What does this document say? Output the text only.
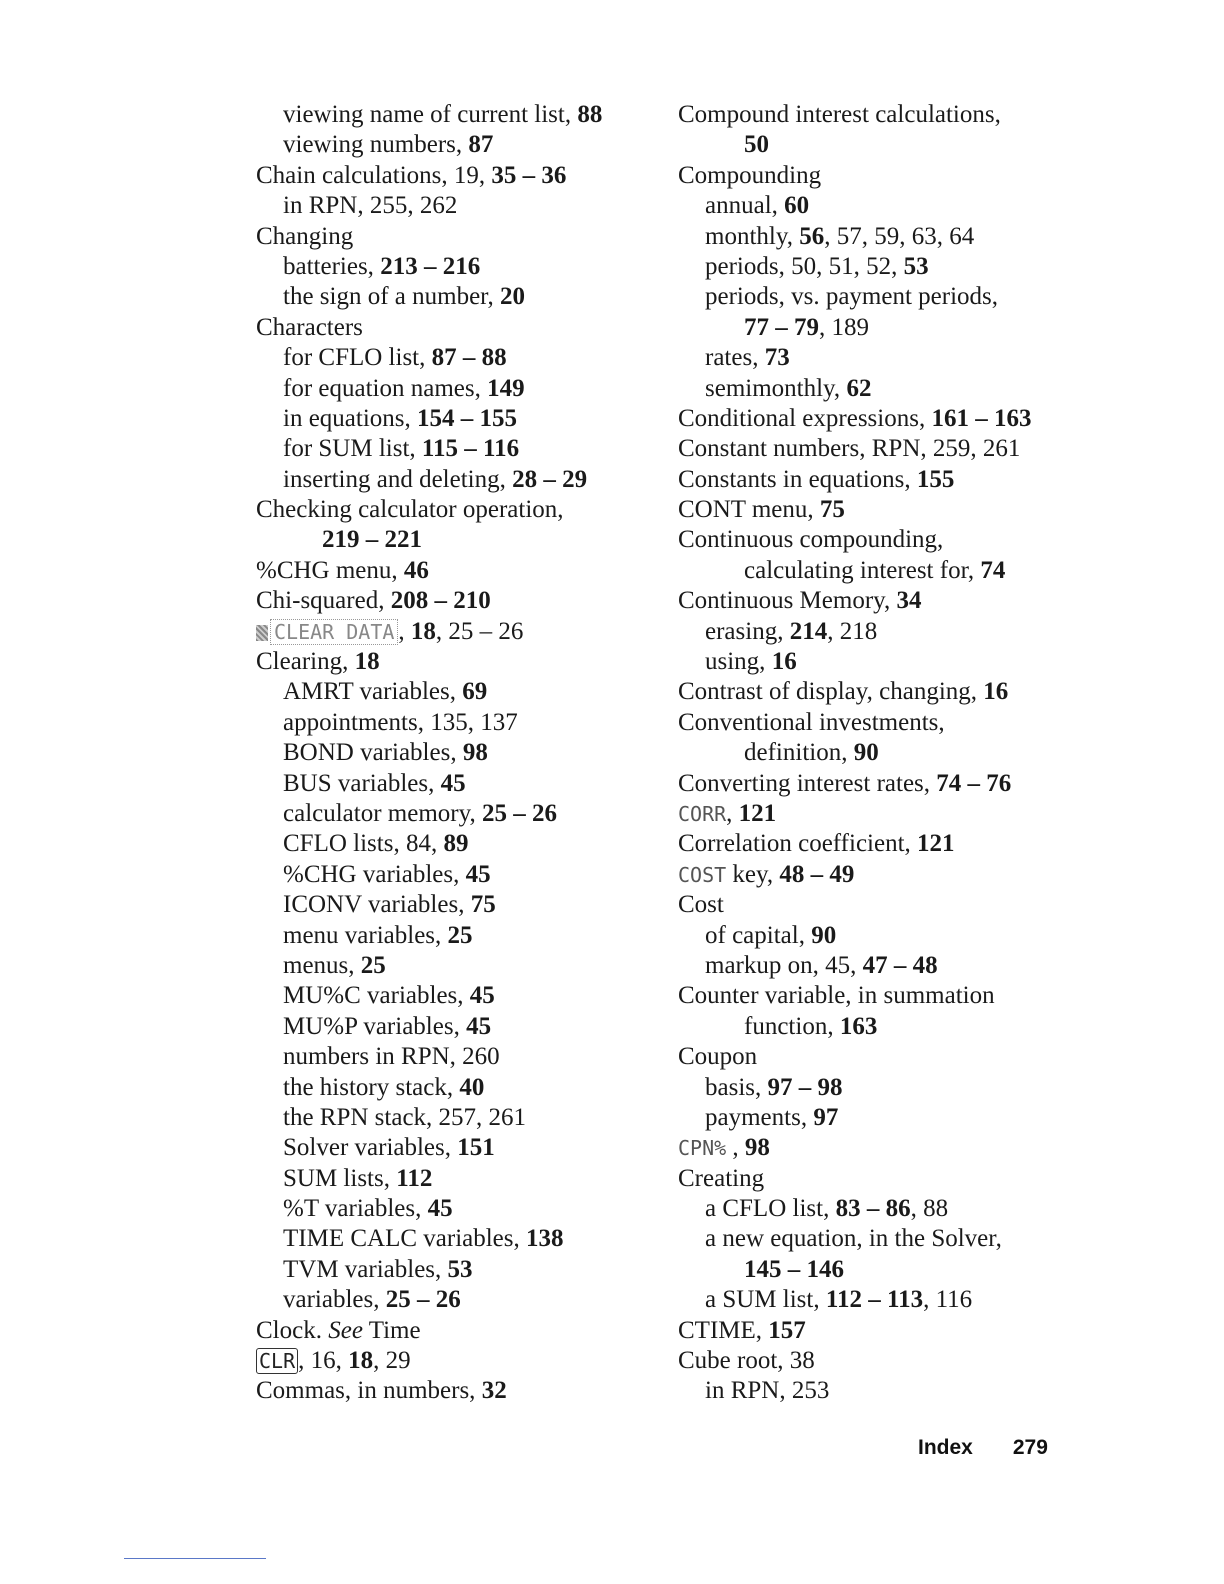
viewing name of current list, 88
viewing numbers, 87
Chain calculations, 19, 35 – 36
in RPN, 255, 262
Changing
batteries, 213 – 216
the sign of a number, 20
Characters
for CFLO list, 87 – 88
for equation names, 149
in equations, 154 – 155
for SUM list, 115 – 116
inserting and deleting, 28 – 29
Checking calculator operation,
219 – 221
%CHG menu, 46
Chi-squared, 208 – 210
CLEAR DATA , 18, 25 – 26
Clearing, 18
AMRT variables, 69
appointments, 135, 137
BOND variables, 98
BUS variables, 45
calculator memory, 25 – 26
CFLO lists, 84, 89
%CHG variables, 45
ICONV variables, 75
menu variables, 25
menus, 25
MU%C variables, 45
MU%P variables, 45
numbers in RPN, 260
the history stack, 40
the RPN stack, 257, 261
Solver variables, 151
SUM lists, 112
%T variables, 45
TIME CALC variables, 138
TVM variables, 53
variables, 25 – 26
Clock. See Time
CLR , 16, 18, 29
Commas, in numbers, 32
Compound interest calculations,
50
Compounding
annual, 60
monthly, 56, 57, 59, 63, 64
periods, 50, 51, 52, 53
periods, vs. payment periods,
77 – 79, 189
rates, 73
semimonthly, 62
Conditional expressions, 161 – 163
Constant numbers, RPN, 259, 261
Constants in equations, 155
CONT menu, 75
Continuous compounding,
calculating interest for, 74
Continuous Memory, 34
erasing, 214, 218
using, 16
Contrast of display, changing, 16
Conventional investments,
definition, 90
Converting interest rates, 74 – 76
CORR, 121
Correlation coefficient, 121
COST key, 48 – 49
Cost
of capital, 90
markup on, 45, 47 – 48
Counter variable, in summation
function, 163
Coupon
basis, 97 – 98
payments, 97
CPN% , 98
Creating
a CFLO list, 83 – 86, 88
a new equation, in the Solver,
145 – 146
a SUM list, 112 – 113, 116
CTIME, 157
Cube root, 38
in RPN, 253
Index 279
